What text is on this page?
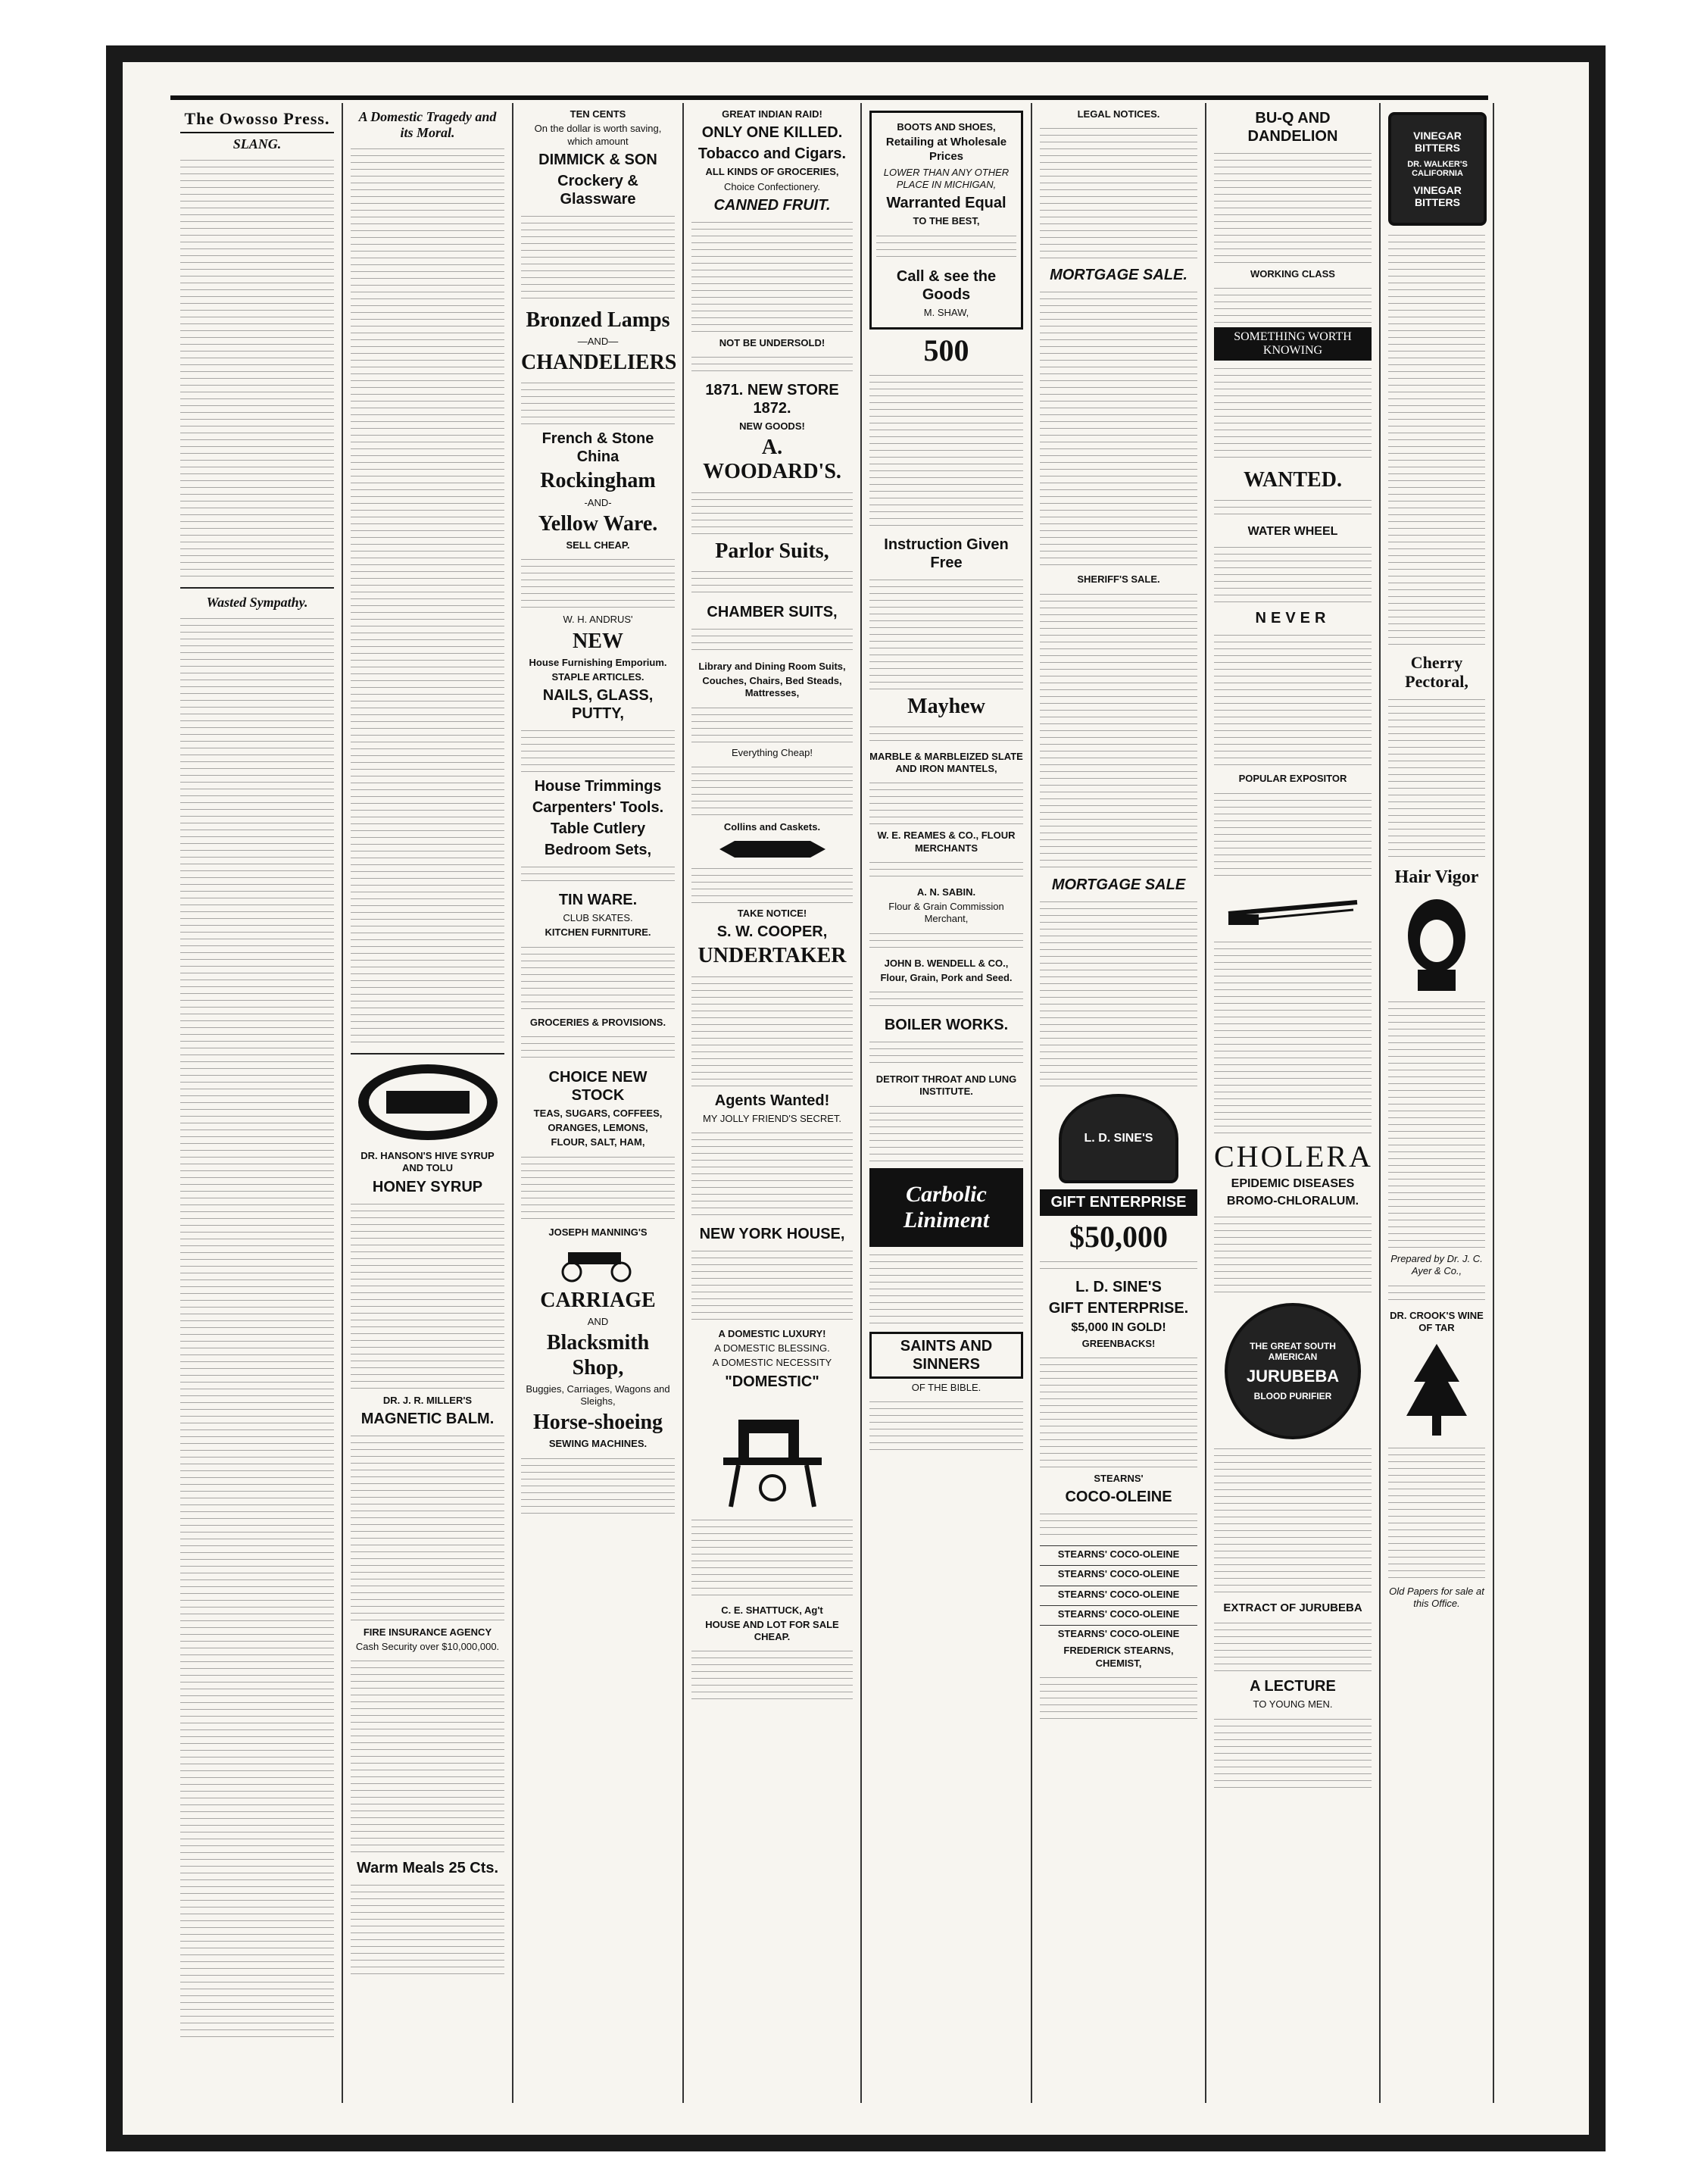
The Owosso Press.
SLANG.
Wasted Sympathy.
A Domestic Tragedy and its Moral.
DR. HANSON'S HIVE SYRUP AND TOLU
HONEY SYRUP
DR. J. R. MILLER'S
MAGNETIC BALM.
FIRE INSURANCE AGENCY
Cash Security over $10,000,000.
Warm Meals 25 Cts.
TEN CENTS
On the dollar is worth saving, which amount
DIMMICK & SON
Crockery & Glassware
Bronzed Lamps
—AND—
CHANDELIERS
French & Stone China
Rockingham
-AND-
Yellow Ware.
SELL CHEAP.
W. H. ANDRUS'
NEW
House Furnishing Emporium.
STAPLE ARTICLES.
NAILS, GLASS, PUTTY,
House Trimmings
Carpenters' Tools.
Table Cutlery
Bedroom Sets,
TIN WARE.
CLUB SKATES.
KITCHEN FURNITURE.
GROCERIES & PROVISIONS.
CHOICE NEW STOCK
TEAS, SUGARS, COFFEES,
ORANGES, LEMONS,
FLOUR, SALT, HAM,
JOSEPH MANNING'S
CARRIAGE
AND
Blacksmith Shop,
Buggies, Carriages, Wagons and Sleighs,
Horse-shoeing
SEWING MACHINES.
GREAT INDIAN RAID!
ONLY ONE KILLED.
Tobacco and Cigars.
ALL KINDS OF GROCERIES,
Choice Confectionery.
CANNED FRUIT.
NOT BE UNDERSOLD!
1871. NEW STORE 1872.
NEW GOODS!
A. WOODARD'S.
Parlor Suits,
CHAMBER SUITS,
Library and Dining Room Suits,
Couches, Chairs, Bed Steads, Mattresses,
Everything Cheap!
Collins and Caskets.
TAKE NOTICE!
S. W. COOPER,
UNDERTAKER
Agents Wanted!
MY JOLLY FRIEND'S SECRET.
NEW YORK HOUSE,
A DOMESTIC LUXURY!
A DOMESTIC BLESSING.
A DOMESTIC NECESSITY
"DOMESTIC"
C. E. SHATTUCK, Ag't
HOUSE AND LOT FOR SALE CHEAP.
BOOTS AND SHOES,
Retailing at Wholesale Prices
LOWER THAN ANY OTHER PLACE IN MICHIGAN,
Warranted Equal
TO THE BEST,
Call & see the Goods
M. SHAW,
500
Instruction Given Free
Mayhew
MARBLE & MARBLEIZED SLATE AND IRON MANTELS,
W. E. REAMES & CO., FLOUR MERCHANTS
A. N. SABIN.
Flour & Grain Commission Merchant,
JOHN B. WENDELL & CO.,
Flour, Grain, Pork and Seed.
BOILER WORKS.
DETROIT THROAT AND LUNG INSTITUTE.
Carbolic Liniment
SAINTS AND SINNERS
OF THE BIBLE.
LEGAL NOTICES.
MORTGAGE SALE.
SHERIFF'S SALE.
MORTGAGE SALE
L. D. SINE'S
GIFT ENTERPRISE
$50,000
L. D. SINE'S
GIFT ENTERPRISE.
$5,000 IN GOLD!
GREENBACKS!
STEARNS'
COCO-OLEINE
STEARNS' COCO-OLEINE
STEARNS' COCO-OLEINE
STEARNS' COCO-OLEINE
STEARNS' COCO-OLEINE
STEARNS' COCO-OLEINE
FREDERICK STEARNS, CHEMIST,
BU-Q AND DANDELION
WORKING CLASS
SOMETHING WORTH KNOWING
WANTED.
WATER WHEEL
NEVER
POPULAR EXPOSITOR
CHOLERA
EPIDEMIC DISEASES
BROMO-CHLORALUM.
THE GREAT SOUTH AMERICAN
JURUBEBA
BLOOD PURIFIER
EXTRACT OF JURUBEBA
A LECTURE
TO YOUNG MEN.
VINEGAR BITTERS
DR. WALKER'S CALIFORNIA
VINEGAR BITTERS
Cherry Pectoral,
Hair Vigor
Prepared by Dr. J. C. Ayer & Co.,
DR. CROOK'S WINE OF TAR
Old Papers for sale at this Office.
